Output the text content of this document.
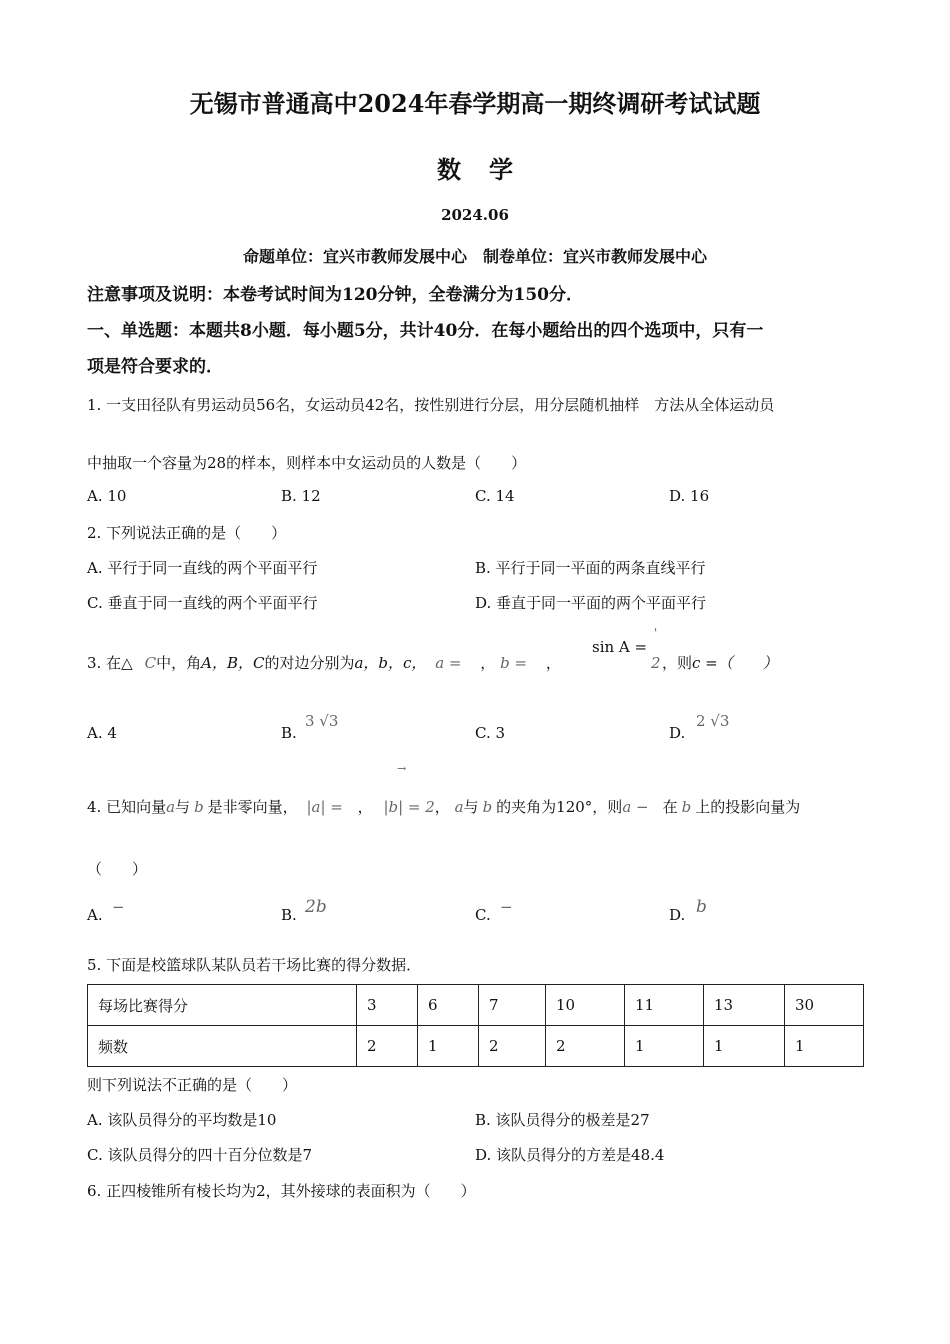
无锡市普通高中2024年春学期高一期终调研考试试题
数学
2024.06
命题单位：宜兴市教师发展中心　制卷单位：宜兴市教师发展中心
注意事项及说明：本卷考试时间为120分钟，全卷满分为150分．
一、单选题：本题共8小题．每小题5分，共计40分．在每小题给出的四个选项中，只有一
项是符合要求的．
1. 一支田径队有男运动员56名，女运动员42名，按性别进行分层，用分层随机抽样　方法从全体运动员
中抽取一个容量为28的样本，则样本中女运动员的人数是（　　）
A. 10	B. 12	C. 14	D. 16
2. 下列说法正确的是（　　）
A. 平行于同一直线的两个平面平行	B. 平行于同一平面的两条直线平行
C. 垂直于同一直线的两个平面平行	D. 垂直于同一平面的两个平面平行
3. 在△ C中，角A，B，C的对边分别为a，b，c， a = ， b = ，
sin A =
'
2 ，则c =（　　）
A. 4	B.
3 √3
C. 3	D.
2 √3
4. 已知向量a与 b 是非零向量， |a| = ， |b| = 2， a与 b 的夹角为120°，则a − 在 b 上的投影向量为
→
（　　）
A. −	B. 2b	C. −	D. b
5. 下面是校篮球队某队员若干场比赛的得分数据．
每场比赛得分	3	6	7	10	11	13	30
频数	2	1	2	2	1	1	1
则下列说法不正确的是（　　）
A. 该队员得分的平均数是10	B. 该队员得分的极差是27
C. 该队员得分的四十百分位数是7	D. 该队员得分的方差是48.4
6. 正四棱锥所有棱长均为2，其外接球的表面积为（　　）
